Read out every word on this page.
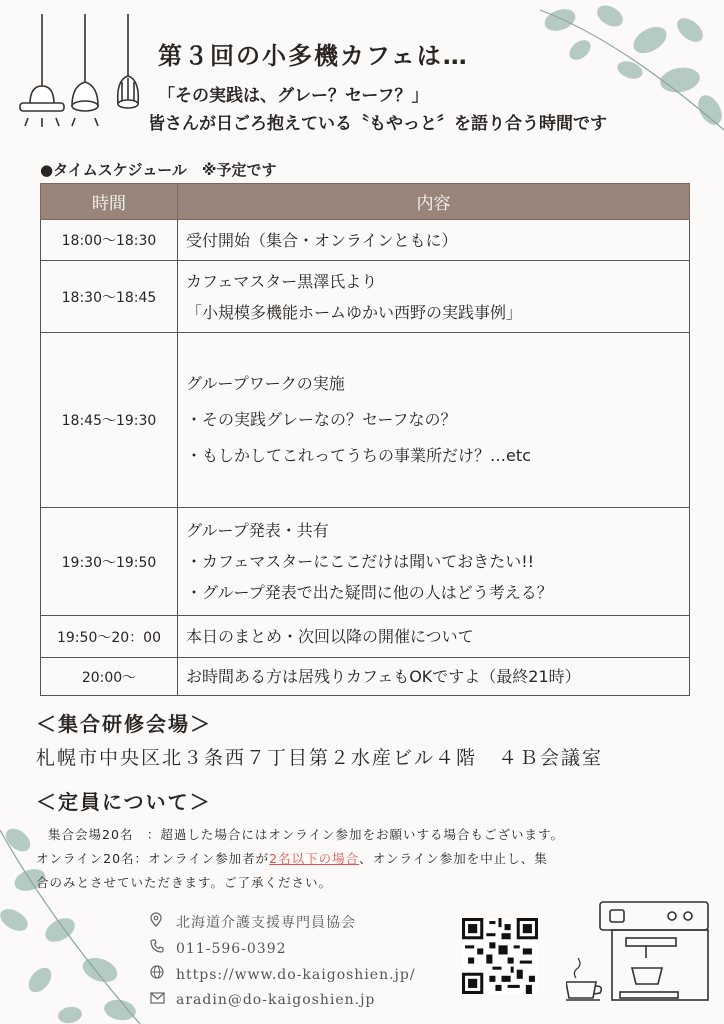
第３回の小多機カフェは…
「その実践は、グレー？セーフ？」
皆さんが日ごろ抱えている〝もやっと〞を語り合う時間です
●タイムスケジュール　※予定です
時間	内容
18:00〜18:30	受付開始（集合・オンラインともに）

18:30〜18:45	カフェマスター黒澤氏より
「小規模多機能ホームゆかい西野の実践事例」

18:45〜19:30	グループワークの実施
・その実践グレーなの？セーフなの？
・もしかしてこれってうちの事業所だけ？…etc

19:30〜19:50	グループ発表・共有
・カフェマスターにここだけは聞いておきたい!!
・グループ発表で出た疑問に他の人はどう考える？

19:50〜20：00	本日のまとめ・次回以降の開催について

20:00〜	お時間ある方は居残りカフェもOKですよ（最終21時）
＜集合研修会場＞
札幌市中央区北３条西７丁目第２水産ビル４階　４Ｂ会議室
＜定員について＞
集合会場20名　：超過した場合にはオンライン参加をお願いする場合もございます。
オンライン20名：オンライン参加者が2名以下の場合、オンライン参加を中止し、集
合のみとさせていただきます。ご了承ください。
北海道介護支援専門員協会
011-596-0392
https://www.do-kaigoshien.jp/
aradin@do-kaigoshien.jp
